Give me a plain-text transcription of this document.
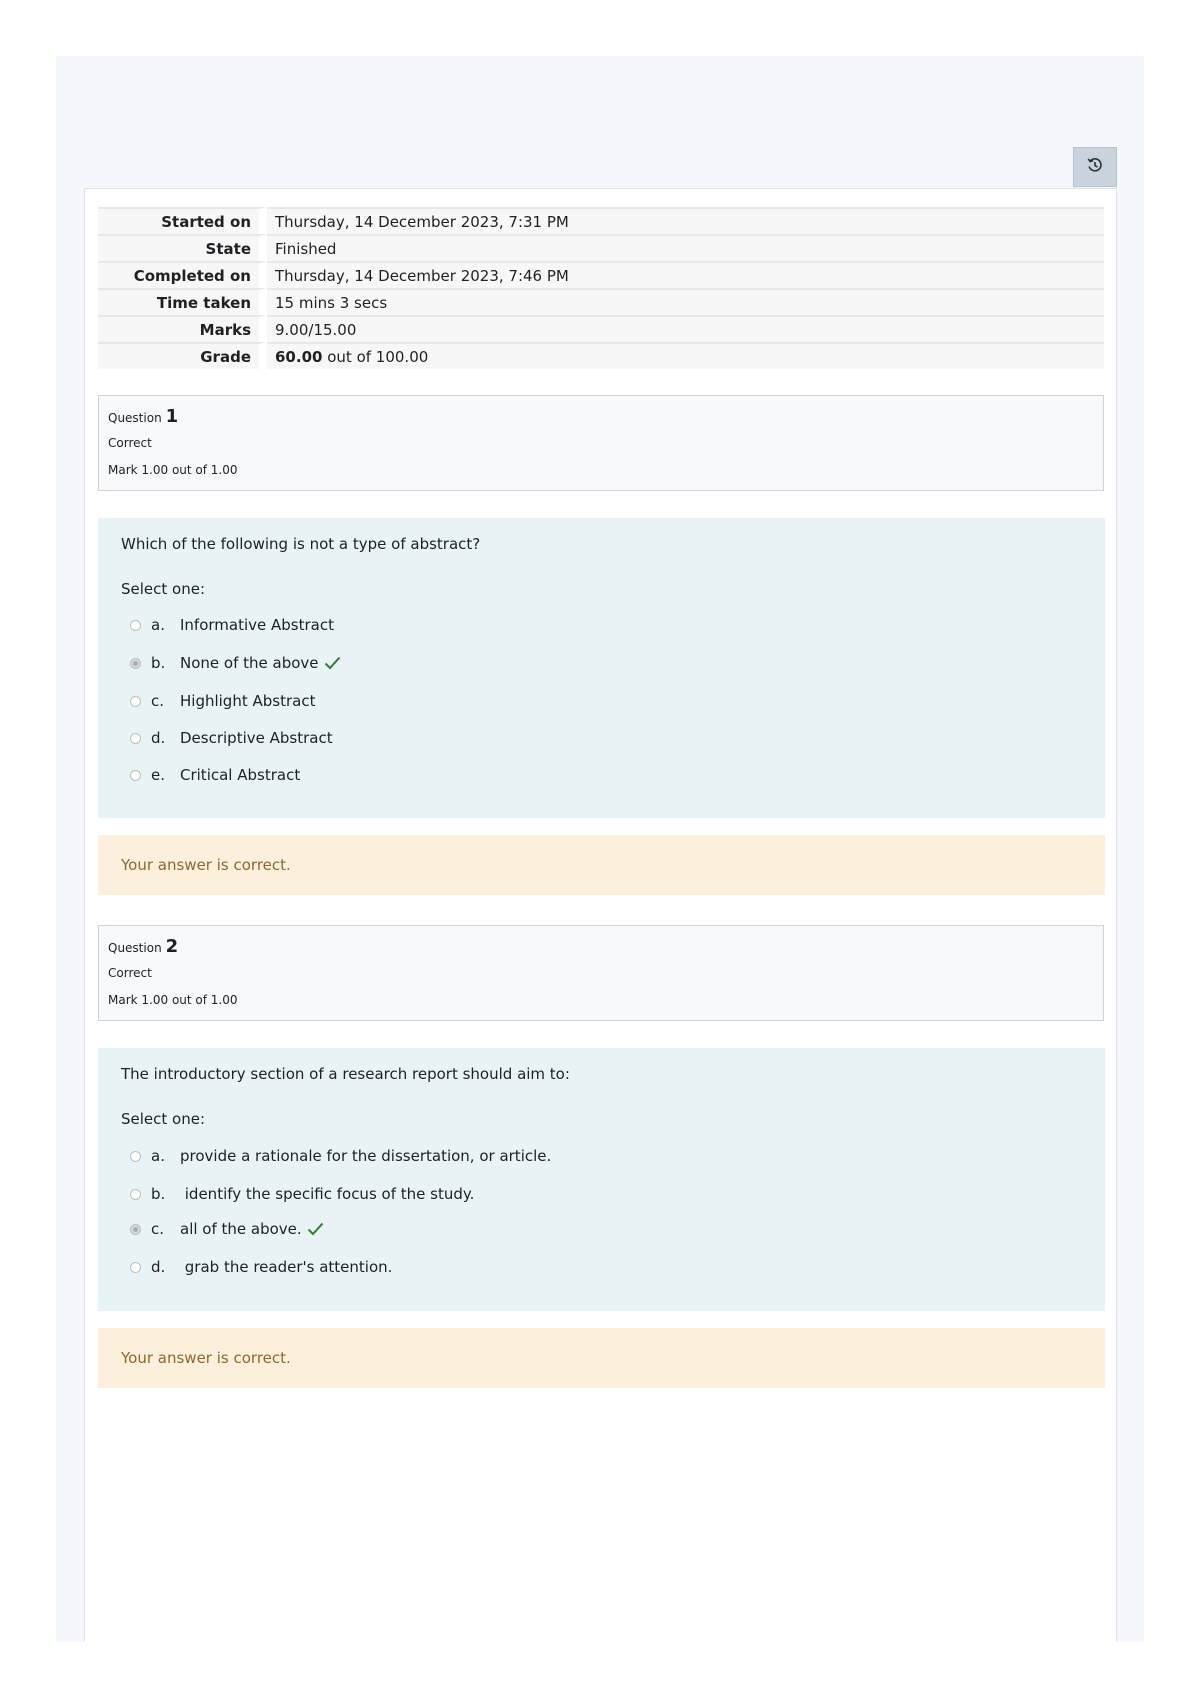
Started on	Thursday, 14 December 2023, 7:31 PM
State	Finished
Completed on	Thursday, 14 December 2023, 7:46 PM
Time taken	15 mins 3 secs
Marks	9.00/15.00
Grade	60.00 out of 100.00
Question 1
Correct
Mark 1.00 out of 1.00
Which of the following is not a type of abstract?
Select one:
a.	Informative Abstract
b. None of the above
c.	Highlight Abstract
d. Descriptive Abstract
e.	Critical Abstract
Your answer is correct.
Question 2
Correct
Mark 1.00 out of 1.00
The introductory section of a research report should aim to:
Select one:
a.	provide a rationale for the dissertation, or article.
b. identify the specific focus of the study.
c.	all of the above.
d. grab the reader's attention.
Your answer is correct.
